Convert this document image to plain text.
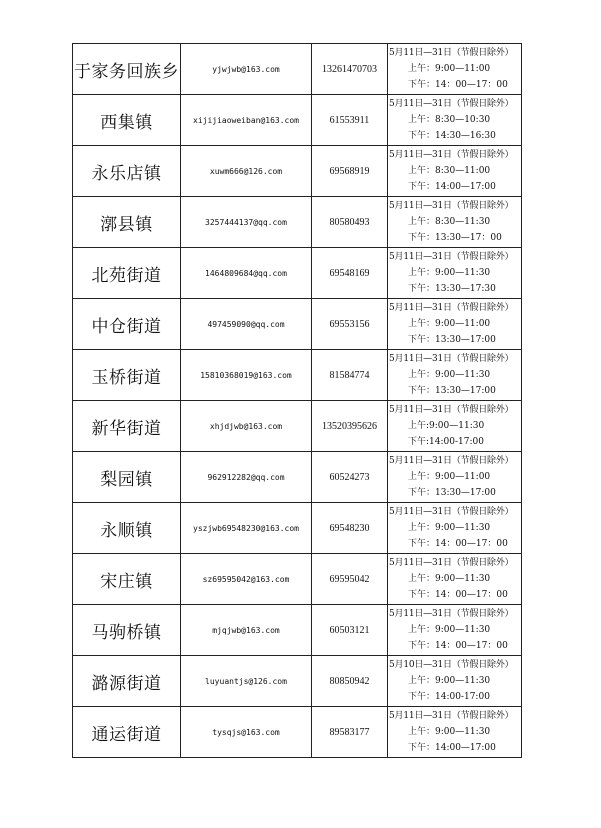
于家务回族乡	yjwjwb@163.com	13261470703	5月11日—31日（节假日除外）
上午：9:00—11:00
下午：14：00—17：00

西集镇	xijijiaoweiban@163.com	61553911	5月11日—31日（节假日除外）
上午：8:30—10:30
下午：14:30—16:30

永乐店镇	xuwm666@126.com	69568919	5月11日—31日（节假日除外）
上午：8:30—11:00
下午：14:00—17:00

漷县镇	3257444137@qq.com	80580493	5月11日—31日（节假日除外）
上午：8:30—11:30
下午：13:30—17：00

北苑街道	1464809684@qq.com	69548169	5月11日—31日（节假日除外）
上午：9:00—11:30
下午：13:30—17:30

中仓街道	497459090@qq.com	69553156	5月11日—31日（节假日除外）
上午：9:00—11:00
下午：13:30—17:00

玉桥街道	15810368019@163.com	81584774	5月11日—31日（节假日除外）
上午：9:00—11:30
下午：13:30—17:00

新华街道	xhjdjwb@163.com	13520395626	5月11日—31日（节假日除外）
上午:9:00—11:30
下午:14:00-17:00

梨园镇	962912282@qq.com	60524273	5月11日—31日（节假日除外）
上午：9:00—11:00
下午：13:30—17:00

永顺镇	yszjwb69548230@163.com	69548230	5月11日—31日（节假日除外）
上午：9:00—11:30
下午：14：00—17：00

宋庄镇	sz69595042@163.com	69595042	5月11日—31日（节假日除外）
上午：9:00—11:30
下午：14：00—17：00

马驹桥镇	mjqjwb@163.com	60503121	5月11日—31日（节假日除外）
上午：9:00—11:30
下午：14：00—17：00

潞源街道	luyuantjs@126.com	80850942	5月10日—31日（节假日除外）
上午：9:00—11:30
下午：14:00-17:00

通运街道	tysqjs@163.com	89583177	5月11日—31日（节假日除外）
上午：9:00—11:30
下午：14:00—17:00
